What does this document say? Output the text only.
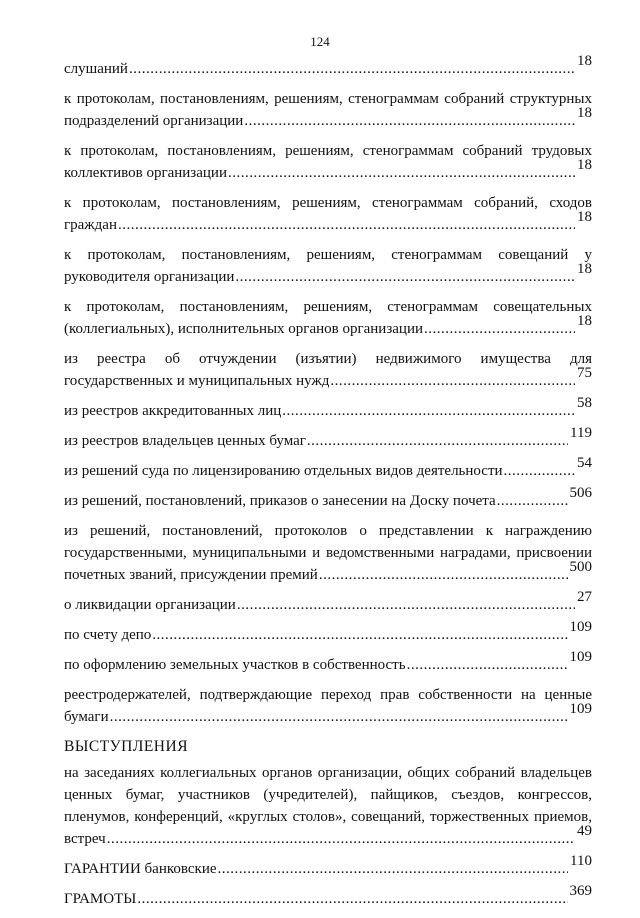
124
слушаний .....	18
к протоколам, постановлениям, решениям, стенограммам собраний структурных
подразделений организации .....	18
к протоколам, постановлениям, решениям, стенограммам собраний трудовых
коллективов организации .....	18
к протоколам, постановлениям, решениям, стенограммам собраний, сходов
граждан .....	18
к протоколам, постановлениям, решениям, стенограммам совещаний у
руководителя организации .....	18
к протоколам, постановлениям, решениям, стенограммам совещательных
(коллегиальных), исполнительных органов организации .....	18
из реестра об отчуждении (изъятии) недвижимого имущества для
государственных и муниципальных нужд .....	75
из реестров аккредитованных лиц .....	58
из реестров владельцев ценных бумаг .....	119
из решений суда по лицензированию отдельных видов деятельности .....	54
из решений, постановлений, приказов о занесении на Доску почета .....	506
из решений, постановлений, протоколов о представлении к награждению государственными, муниципальными и ведомственными наградами, присвоении
почетных званий, присуждении премий .....	500
о ликвидации организации .....	27
по счету депо .....	109
по оформлению земельных участков в собственность .....	109
реестродержателей, подтверждающие переход прав собственности на ценные
бумаги .....	109
ВЫСТУПЛЕНИЯ
на заседаниях коллегиальных органов организации, общих собраний владельцев ценных бумаг, участников (учредителей), пайщиков, съездов, конгрессов, пленумов, конференций, «круглых столов», совещаний, торжественных приемов,
встреч .....	49
ГАРАНТИИ банковские .....	110
ГРАМОТЫ .....	369
